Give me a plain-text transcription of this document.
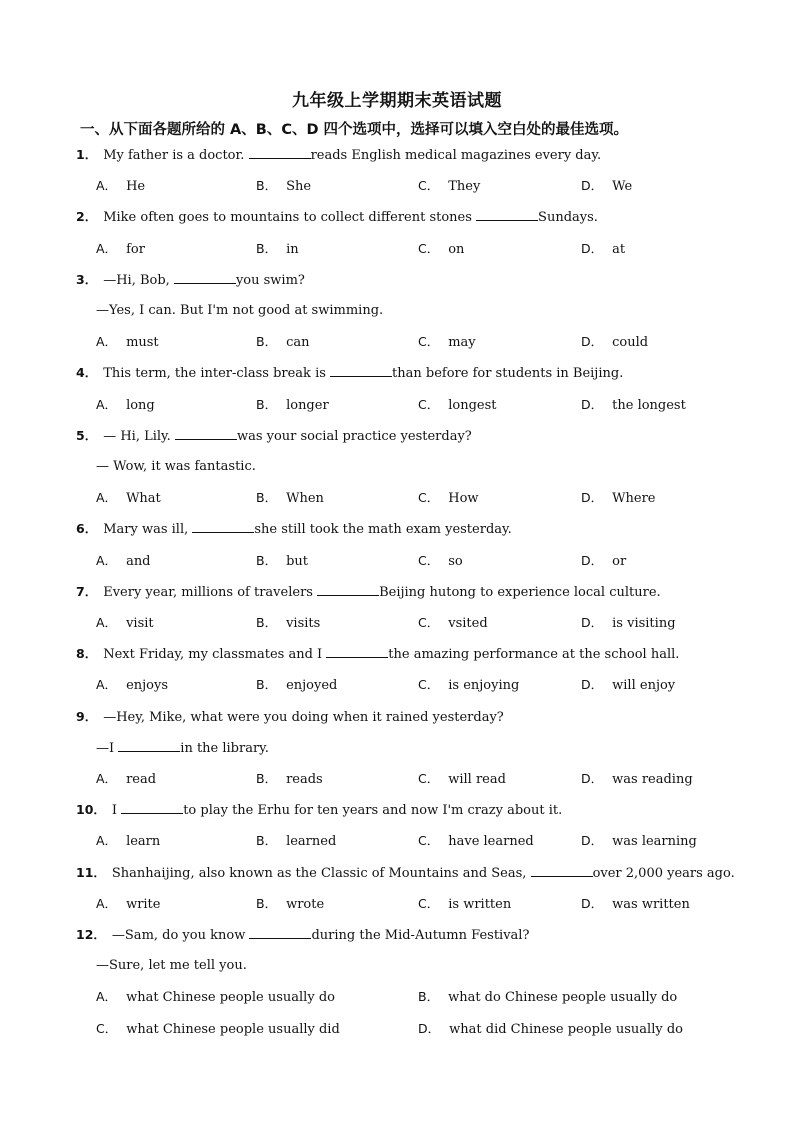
九年级上学期期末英语试题
一、从下面各题所给的 A、B、C、D 四个选项中，选择可以填入空白处的最佳选项。
1． My father is a doctor.	reads English medical magazines every day.
A． He	B． She	C． They	D． We
2． Mike often goes to mountains to collect different stones	Sundays.
A． for	B． in	C． on	D． at
3． —Hi, Bob,	you swim?
—Yes, I can. But I'm not good at swimming.
A． must	B． can	C． may	D． could
4． This term, the inter-class break is	than before for students in Beijing.
A． long	B． longer	C． longest	D． the longest
5． — Hi, Lily.	was your social practice yesterday?
— Wow, it was fantastic.
A． What	B． When	C． How	D． Where
6． Mary was ill,	she still took the math exam yesterday.
A． and	B． but	C． so	D． or
7． Every year, millions of travelers	Beijing hutong to experience local culture.
A． visit	B． visits	C． vsited	D． is visiting
8． Next Friday, my classmates and I	the amazing performance at the school hall.
A． enjoys	B． enjoyed	C． is enjoying	D． will enjoy
9． —Hey, Mike, what were you doing when it rained yesterday?
—I	in the library.
A． read	B． reads	C． will read	D． was reading
10． I	to play the Erhu for ten years and now I'm crazy about it.
A． learn	B． learned	C． have learned	D． was learning
11． Shanhaijing, also known as the Classic of Mountains and Seas,	over 2,000 years ago.
A． write	B． wrote	C． is written	D． was written
12． —Sam, do you know	during the Mid-Autumn Festival?
—Sure, let me tell you.
A． what Chinese people usually do	B． what do Chinese people usually do
C． what Chinese people usually did	D． what did Chinese people usually do
